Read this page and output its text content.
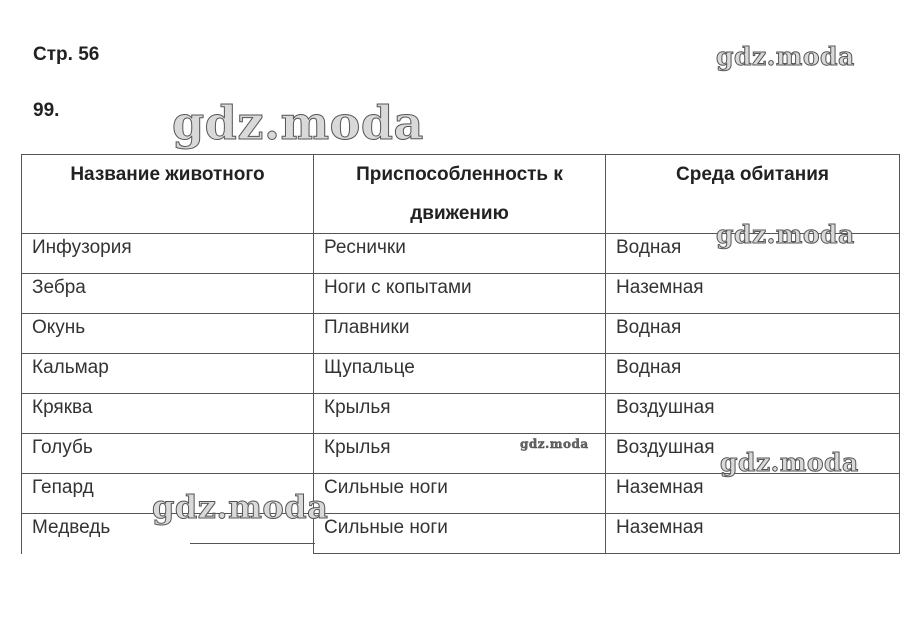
Стр. 56
99.
Название животного	Приспособленность к движению	Среда обитания
Инфузория	Реснички	Водная
Зебра	Ноги с копытами	Наземная
Окунь	Плавники	Водная
Кальмар	Щупальце	Водная
Кряква	Крылья	Воздушная
Голубь	Крылья	Воздушная
Гепард	Сильные ноги	Наземная
Медведь	Сильные ноги	Наземная
gdz.moda
gdz.moda
gdz.moda
gdz.moda
gdz.moda
gdz.moda
